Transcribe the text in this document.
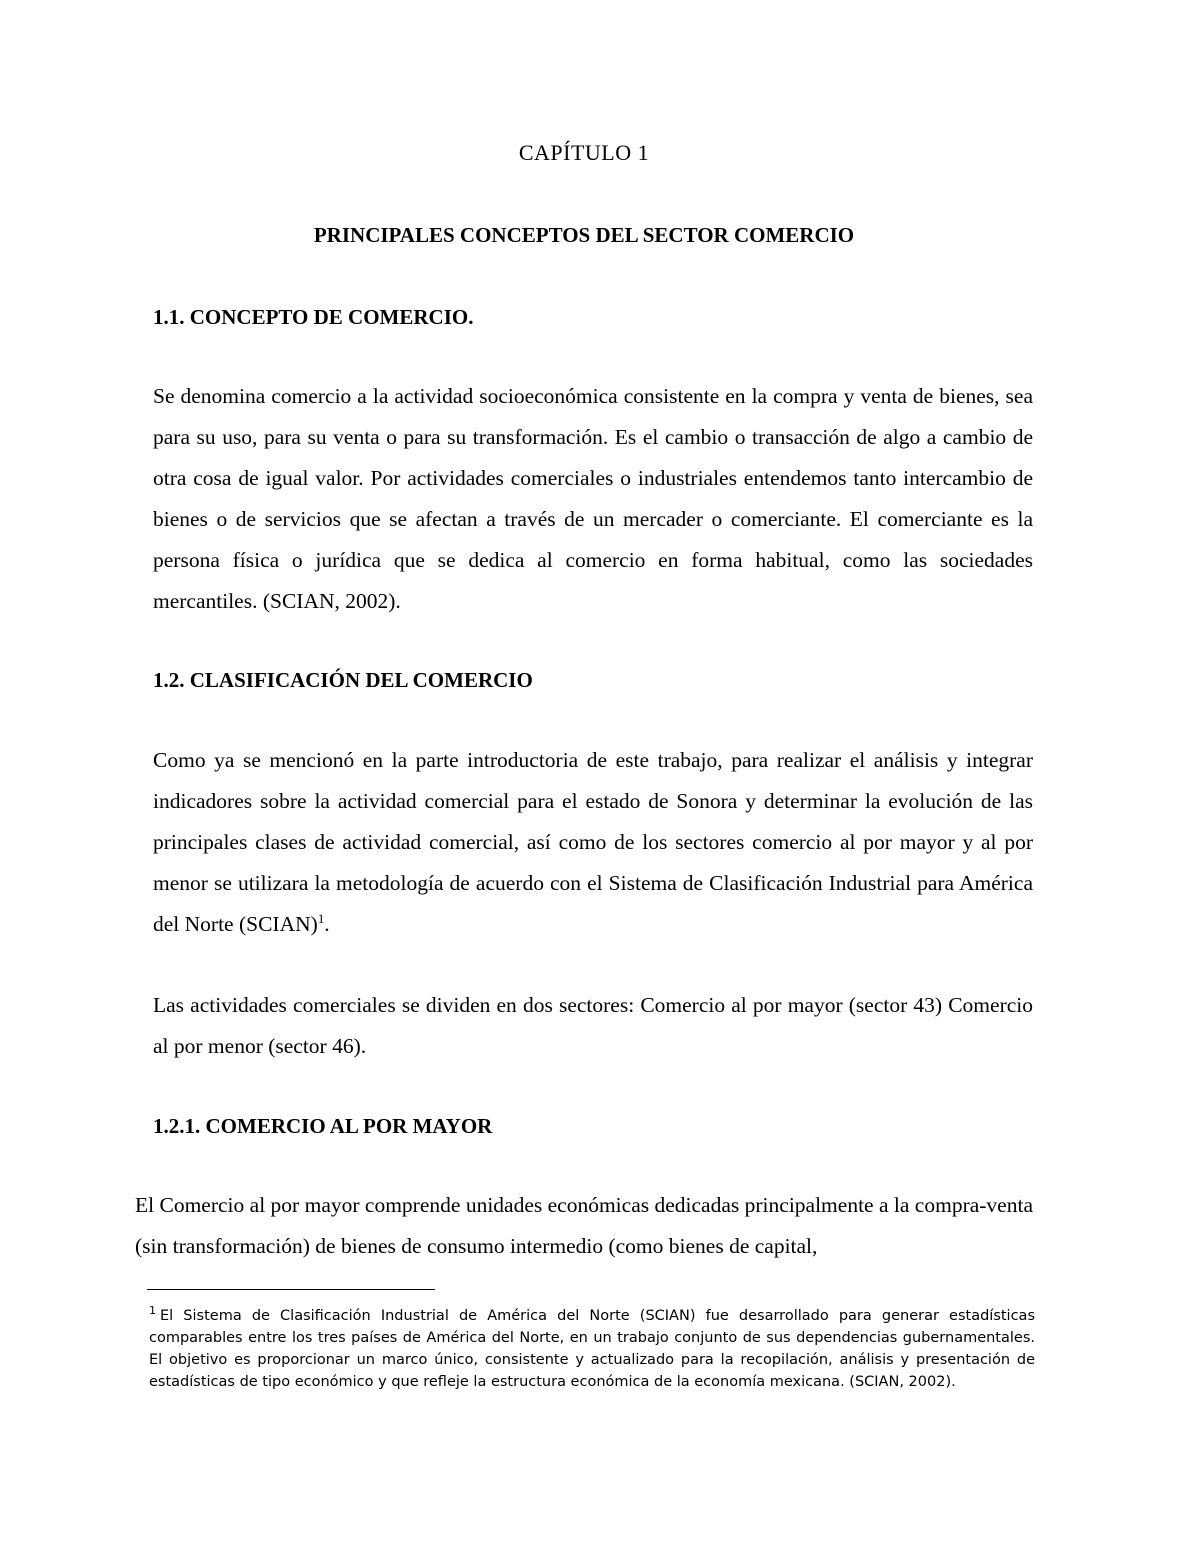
CAPÍTULO 1
PRINCIPALES CONCEPTOS DEL SECTOR COMERCIO
1.1. CONCEPTO DE COMERCIO.

Se denomina comercio a la actividad socioeconómica consistente en la compra y venta de bienes, sea para su uso, para su venta o para su transformación. Es el cambio o transacción de algo a cambio de otra cosa de igual valor. Por actividades comerciales o industriales entendemos tanto intercambio de bienes o de servicios que se afectan a través de un mercader o comerciante. El comerciante es la persona física o jurídica que se dedica al comercio en forma habitual, como las sociedades mercantiles. (SCIAN, 2002).

1.2. CLASIFICACIÓN DEL COMERCIO

Como ya se mencionó en la parte introductoria de este trabajo, para realizar el análisis y integrar indicadores sobre la actividad comercial para el estado de Sonora y determinar la evolución de las principales clases de actividad comercial, así como de los sectores comercio al por mayor y al por menor se utilizara la metodología de acuerdo con el Sistema de Clasificación Industrial para América del Norte (SCIAN)$^1$.

Las actividades comerciales se dividen en dos sectores: Comercio al por mayor (sector 43) Comercio al por menor (sector 46).

1.2.1. COMERCIO AL POR MAYOR

El Comercio al por mayor comprende unidades económicas dedicadas principalmente a la compra-venta (sin transformación) de bienes de consumo intermedio (como bienes de capital,

$^1$ El Sistema de Clasificación Industrial de América del Norte (SCIAN) fue desarrollado para generar estadísticas comparables entre los tres países de América del Norte, en un trabajo conjunto de sus dependencias gubernamentales. El objetivo es proporcionar un marco único, consistente y actualizado para la recopilación, análisis y presentación de estadísticas de tipo económico y que refleje la estructura económica de la economía mexicana. (SCIAN, 2002).
